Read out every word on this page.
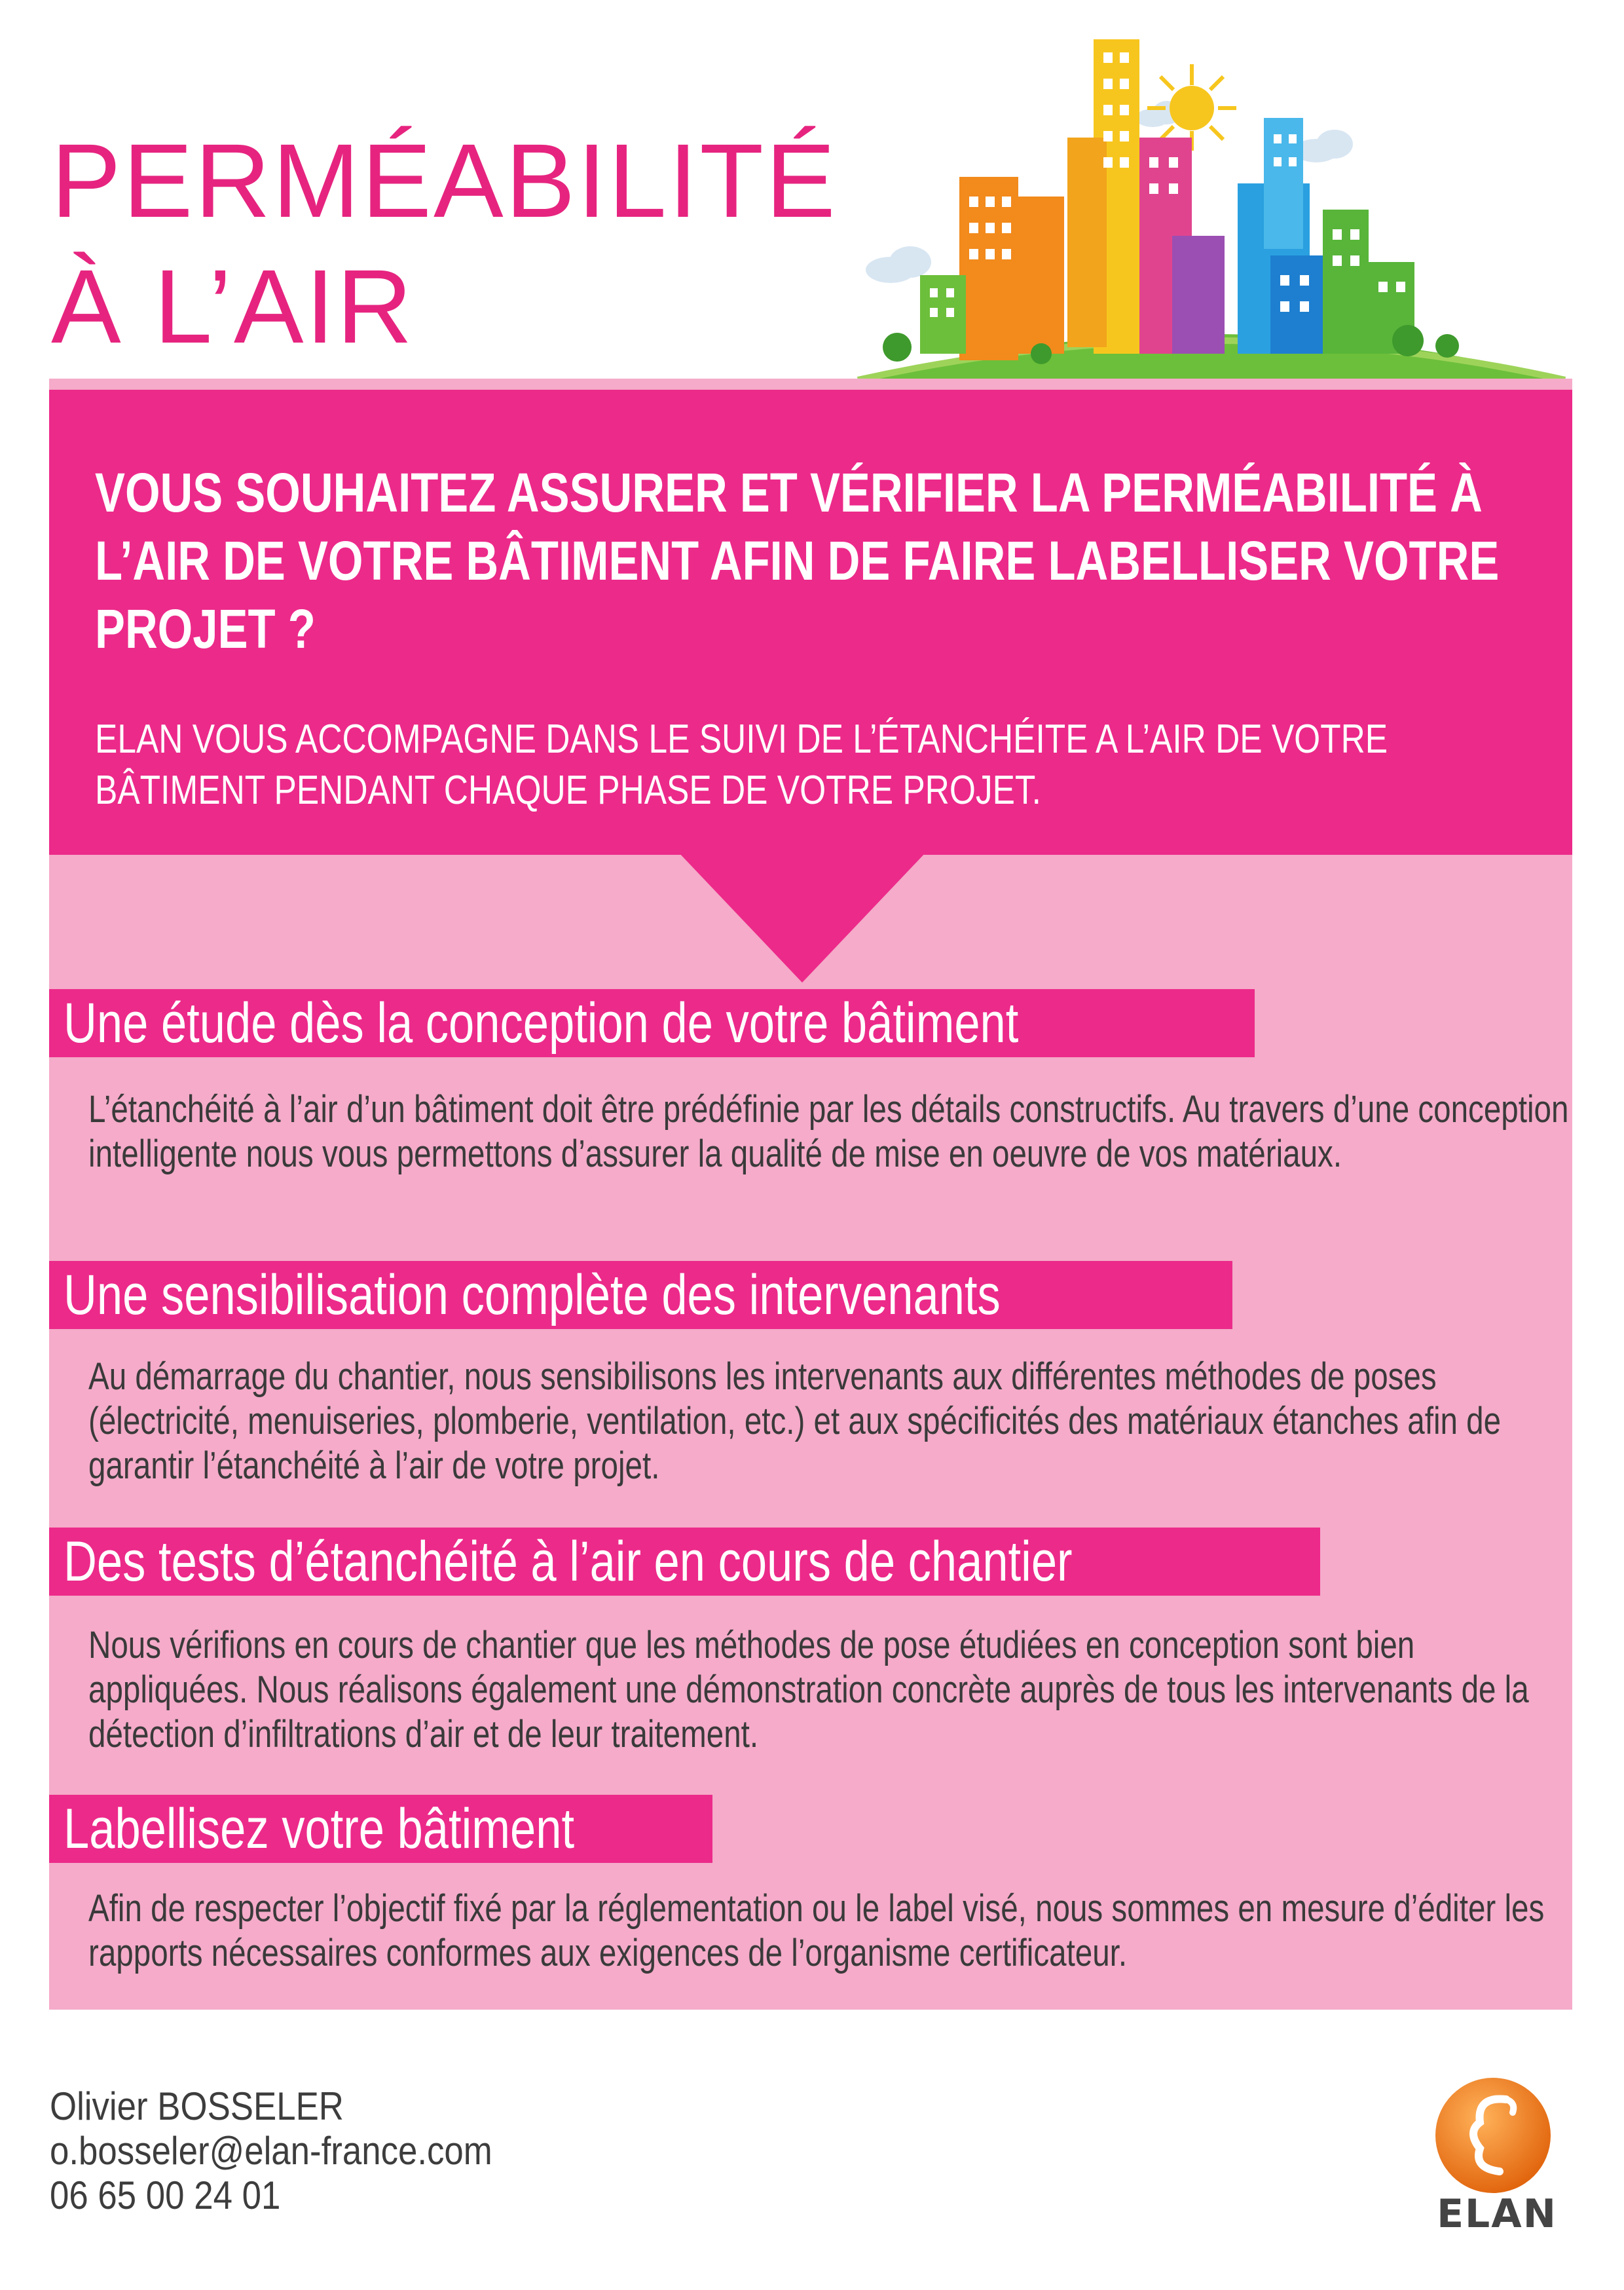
PERMÉABILITÉ
À L’AIR

VOUS SOUHAITEZ ASSURER ET VÉRIFIER LA PERMÉABILITÉ À L’AIR DE VOTRE BÂTIMENT AFIN DE FAIRE LABELLISER VOTRE PROJET ?

ELAN VOUS ACCOMPAGNE DANS LE SUIVI DE L’ÉTANCHÉITE A L’AIR DE VOTRE BÂTIMENT PENDANT CHAQUE PHASE DE VOTRE PROJET.

Une étude dès la conception de votre bâtiment

L’étanchéité à l’air d’un bâtiment doit être prédéfinie par les détails constructifs. Au travers d’une conception intelligente nous vous permettons d’assurer la qualité de mise en oeuvre de vos matériaux.

Une sensibilisation complète des intervenants

Au démarrage du chantier, nous sensibilisons les intervenants aux différentes méthodes de poses (électricité, menuiseries, plomberie, ventilation, etc.) et aux spécificités des matériaux étanches afin de garantir l’étanchéité à l’air de votre projet.

Des tests d’étanchéité à l’air en cours de chantier

Nous vérifions en cours de chantier que les méthodes de pose étudiées en conception sont bien appliquées. Nous réalisons également une démonstration concrète auprès de tous les intervenants de la détection d’infiltrations d’air et de leur traitement.

Labellisez votre bâtiment

Afin de respecter l’objectif fixé par la réglementation ou le label visé, nous sommes en mesure d’éditer les rapports nécessaires conformes aux exigences de l’organisme certificateur.

Olivier BOSSELER
o.bosseler@elan-france.com
06 65 00 24 01	ELAN
